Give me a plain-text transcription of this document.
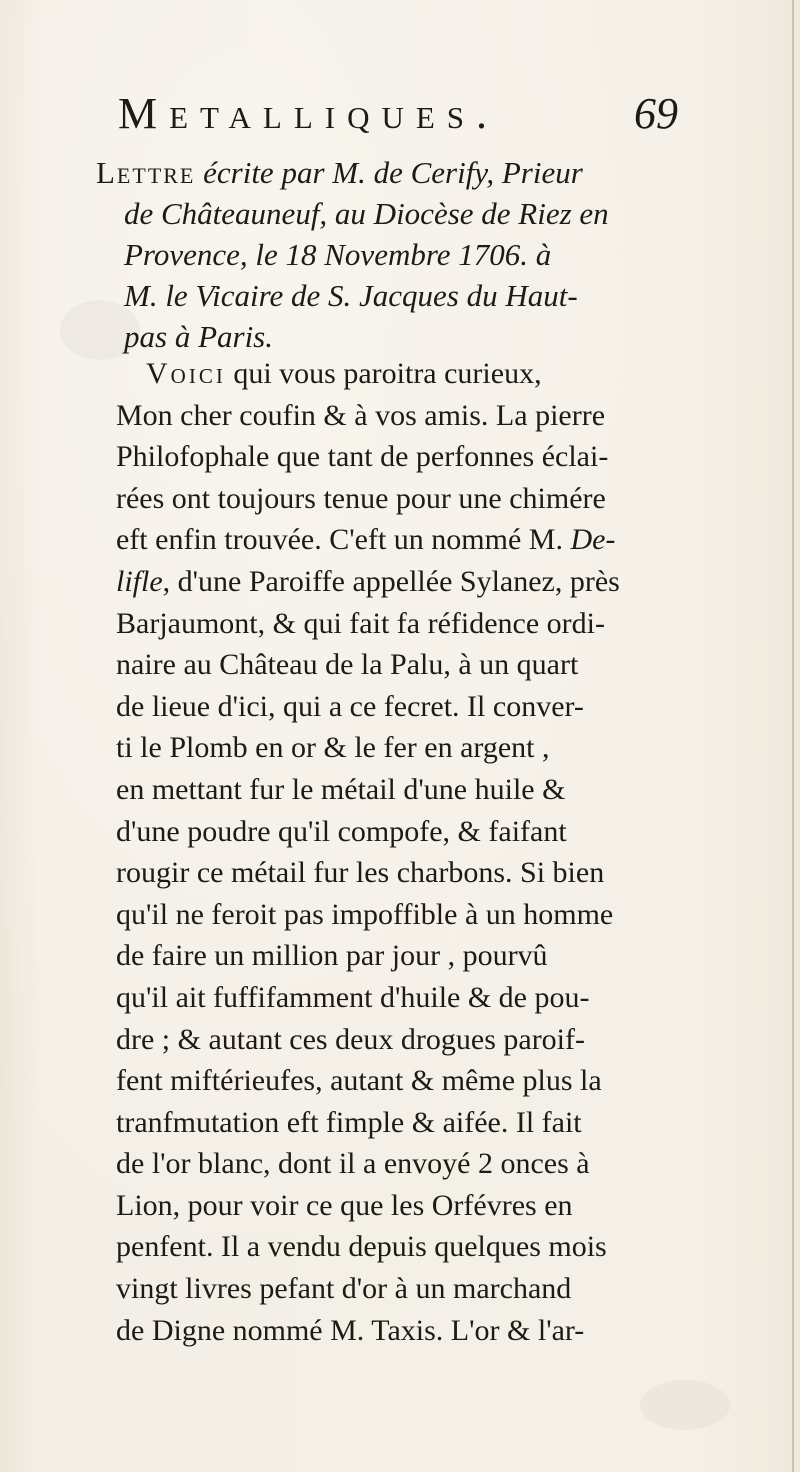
Metalliques.	69
Lettre écrite par M. de Cerify, Prieur
de Châteauneuf, au Diocèse de Riez en
Provence, le 18 Novembre 1706. à
M. le Vicaire de S. Jacques du Haut-
pas à Paris.
Voici qui vous paroitra curieux,
Mon cher coufin & à vos amis. La pierre
Philofophale que tant de perfonnes éclai-
rées ont toujours tenue pour une chimére
eft enfin trouvée. C'eft un nommé M. De-
lifle, d'une Paroiffe appellée Sylanez, près
Barjaumont, & qui fait fa réfidence ordi-
naire au Château de la Palu, à un quart
de lieue d'ici, qui a ce fecret. Il conver-
ti le Plomb en or & le fer en argent ,
en mettant fur le métail d'une huile &
d'une poudre qu'il compofe, & faifant
rougir ce métail fur les charbons. Si bien
qu'il ne feroit pas impoffible à un homme
de faire un million par jour , pourvû
qu'il ait fuffifamment d'huile & de pou-
dre ; & autant ces deux drogues paroif-
fent miftérieufes, autant & même plus la
tranfmutation eft fimple & aifée. Il fait
de l'or blanc, dont il a envoyé 2 onces à
Lion, pour voir ce que les Orfévres en
penfent. Il a vendu depuis quelques mois
vingt livres pefant d'or à un marchand
de Digne nommé M. Taxis. L'or & l'ar-
